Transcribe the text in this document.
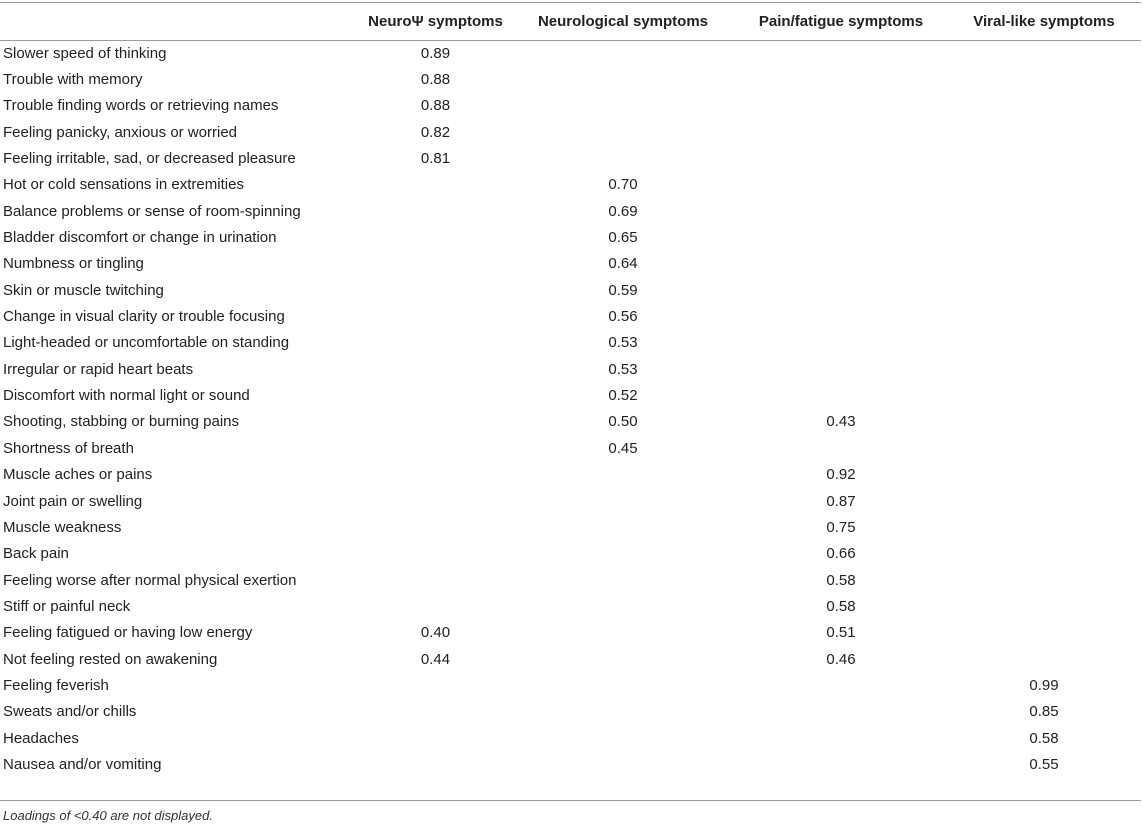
	NeuroΨ symptoms	Neurological symptoms	Pain/fatigue symptoms	Viral-like symptoms
Slower speed of thinking	0.89			
Trouble with memory	0.88			
Trouble finding words or retrieving names	0.88			
Feeling panicky, anxious or worried	0.82			
Feeling irritable, sad, or decreased pleasure	0.81			
Hot or cold sensations in extremities		0.70		
Balance problems or sense of room-spinning		0.69		
Bladder discomfort or change in urination		0.65		
Numbness or tingling		0.64		
Skin or muscle twitching		0.59		
Change in visual clarity or trouble focusing		0.56		
Light-headed or uncomfortable on standing		0.53		
Irregular or rapid heart beats		0.53		
Discomfort with normal light or sound		0.52		
Shooting, stabbing or burning pains		0.50	0.43	
Shortness of breath		0.45		
Muscle aches or pains			0.92	
Joint pain or swelling			0.87	
Muscle weakness			0.75	
Back pain			0.66	
Feeling worse after normal physical exertion			0.58	
Stiff or painful neck			0.58	
Feeling fatigued or having low energy	0.40		0.51	
Not feeling rested on awakening	0.44		0.46	
Feeling feverish				0.99
Sweats and/or chills				0.85
Headaches				0.58
Nausea and/or vomiting				0.55
Loadings of <0.40 are not displayed.
